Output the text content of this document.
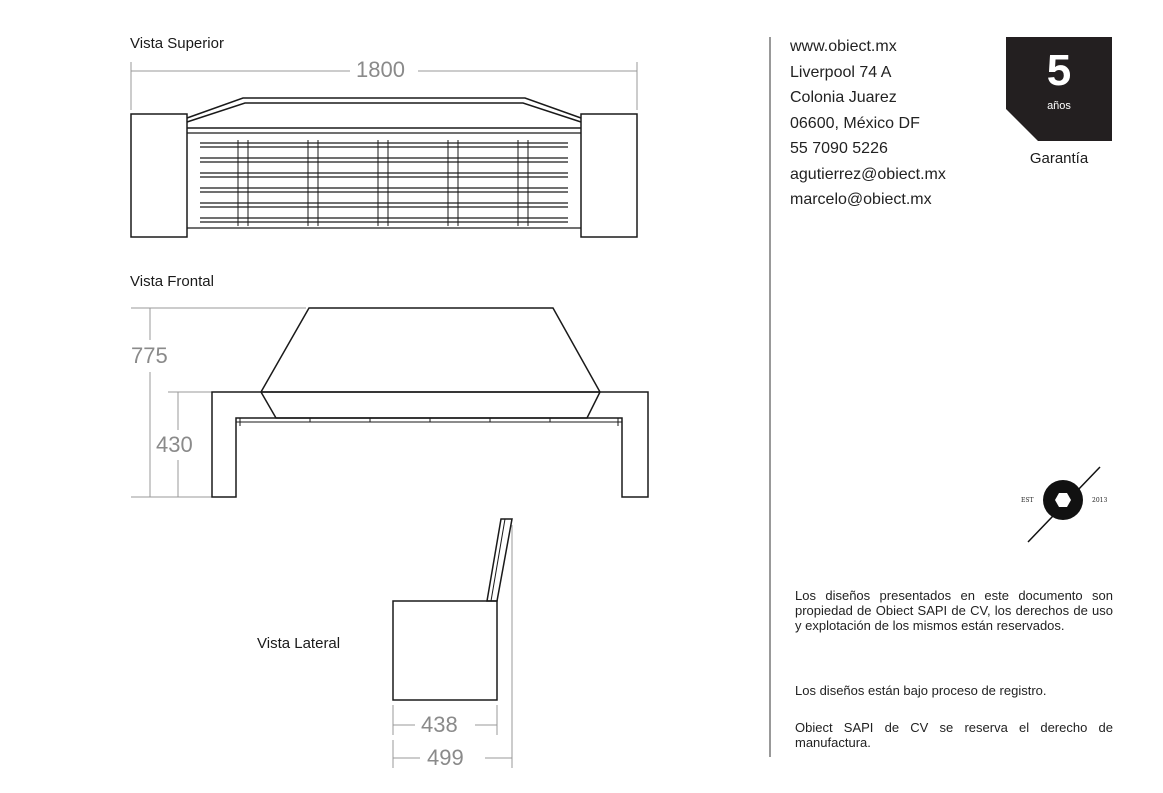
Vista Superior
Vista Frontal
Vista Lateral
1800
775
430
438
499
www.obiect.mx
Liverpool 74 A
Colonia Juarez
06600, México DF
55 7090 5226
agutierrez@obiect.mx
marcelo@obiect.mx
5
años
Garantía
EST	2013
Los diseños presentados en este documento son propiedad de Obiect SAPI de CV, los derechos de uso y explotación de los mismos están reservados.
Los diseños están bajo proceso de registro.
Obiect SAPI de CV se reserva el derecho de manufactura.
